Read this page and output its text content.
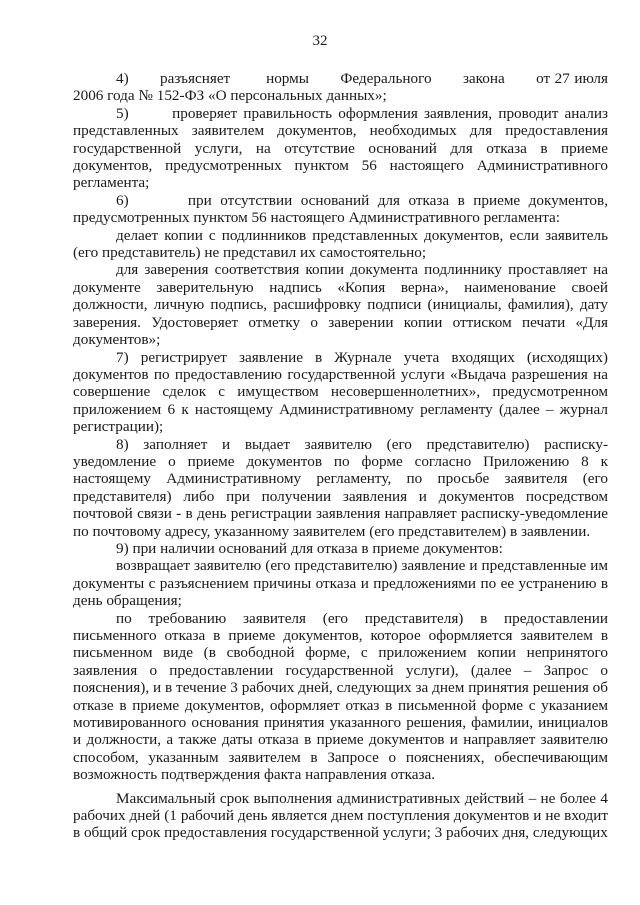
32

4)       разъясняет        нормы       Федерального       закона       от 27 июля 2006 года № 152-ФЗ «О персональных данных»;

5)       проверяет правильность оформления заявления, проводит анализ представленных заявителем документов, необходимых для предоставления государственной услуги, на отсутствие оснований для отказа в приеме документов, предусмотренных пунктом 56 настоящего Административного регламента;

6)       при отсутствии оснований для отказа в приеме документов, предусмотренных пунктом 56 настоящего Административного регламента:

делает копии с подлинников представленных документов, если заявитель (его представитель) не представил их самостоятельно;

для заверения соответствия копии документа подлиннику проставляет на документе заверительную надпись «Копия верна», наименование своей должности, личную подпись, расшифровку подписи (инициалы, фамилия), дату заверения. Удостоверяет отметку о заверении копии оттиском печати «Для документов»;

7) регистрирует заявление в Журнале учета входящих (исходящих) документов по предоставлению государственной услуги «Выдача разрешения на совершение сделок с имуществом несовершеннолетних», предусмотренном приложением 6 к настоящему Административному регламенту (далее – журнал регистрации);

8) заполняет и выдает заявителю (его представителю) расписку-уведомление о приеме документов по форме согласно Приложению 8 к настоящему Административному регламенту, по просьбе заявителя (его представителя) либо при получении заявления и документов посредством почтовой связи - в день регистрации заявления направляет расписку-уведомление по почтовому адресу, указанному заявителем (его представителем) в заявлении.

9) при наличии оснований для отказа в приеме документов:

возвращает заявителю (его представителю) заявление и представленные им документы с разъяснением причины отказа и предложениями по ее устранению в день обращения;

по требованию заявителя (его представителя) в предоставлении письменного отказа в приеме документов, которое оформляется заявителем в письменном виде (в свободной форме, с приложением копии непринятого заявления о предоставлении государственной услуги), (далее – Запрос о пояснения), и в течение 3 рабочих дней, следующих за днем принятия решения об отказе в приеме документов, оформляет отказ в письменной форме с указанием мотивированного основания принятия указанного решения, фамилии, инициалов и должности, а также даты отказа в приеме документов и направляет заявителю способом, указанным заявителем в Запросе о пояснениях, обеспечивающим возможность подтверждения факта направления отказа.

Максимальный срок выполнения административных действий – не более 4 рабочих дней (1 рабочий день является днем поступления документов и не входит в общий срок предоставления государственной услуги; 3 рабочих дня, следующих
